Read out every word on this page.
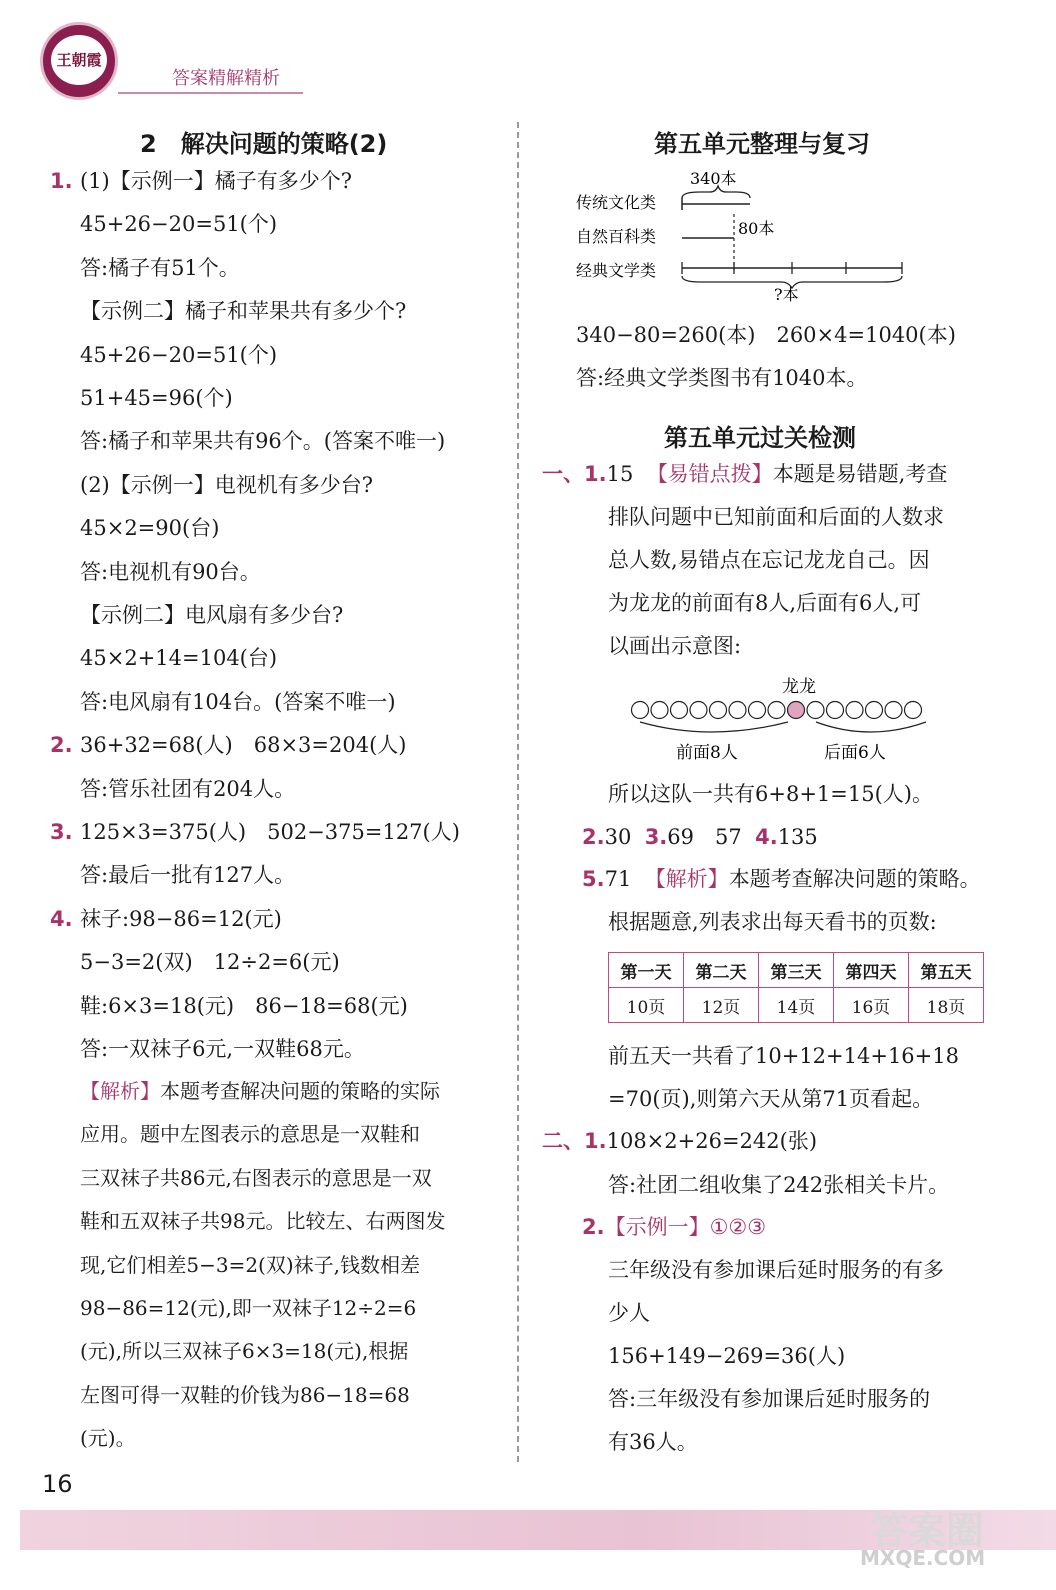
王朝霞
答案精解精析
2　解决问题的策略(2)
1. (1)【示例一】橘子有多少个?
45+26−20=51(个)
答:橘子有51个。
【示例二】橘子和苹果共有多少个?
45+26−20=51(个)
51+45=96(个)
答:橘子和苹果共有96个。(答案不唯一)
(2)【示例一】电视机有多少台?
45×2=90(台)
答:电视机有90台。
【示例二】电风扇有多少台?
45×2+14=104(台)
答:电风扇有104台。(答案不唯一)
2. 36+32=68(人)　68×3=204(人)
答:管乐社团有204人。
3. 125×3=375(人)　502−375=127(人)
答:最后一批有127人。
4. 袜子:98−86=12(元)
5−3=2(双)　12÷2=6(元)
鞋:6×3=18(元)　86−18=68(元)
答:一双袜子6元,一双鞋68元。
【解析】本题考查解决问题的策略的实际
应用。题中左图表示的意思是一双鞋和
三双袜子共86元,右图表示的意思是一双
鞋和五双袜子共98元。比较左、右两图发
现,它们相差5−3=2(双)袜子,钱数相差
98−86=12(元),即一双袜子12÷2=6
(元),所以三双袜子6×3=18(元),根据
左图可得一双鞋的价钱为86−18=68
(元)。
第五单元整理与复习
传统文化类
自然百科类
经典文学类
340本
80本
?本
340−80=260(本)　260×4=1040(本)
答:经典文学类图书有1040本。
第五单元过关检测
一、1.15 【易错点拨】本题是易错题,考查
排队问题中已知前面和后面的人数求
总人数,易错点在忘记龙龙自己。因
为龙龙的前面有8人,后面有6人,可
以画出示意图:
龙龙
前面8人	后面6人
所以这队一共有6+8+1=15(人)。
2.30 3.69　57 4.135
5.71 【解析】本题考查解决问题的策略。
根据题意,列表求出每天看书的页数:
第一天	第二天	第三天	第四天	第五天
10页	12页	14页	16页	18页
前五天一共看了10+12+14+16+18
=70(页),则第六天从第71页看起。
二、1.108×2+26=242(张)
答:社团二组收集了242张相关卡片。
2.【示例一】①②③
三年级没有参加课后延时服务的有多
少人
156+149−269=36(人)
答:三年级没有参加课后延时服务的
有36人。
16
答案圈
MXQE.COM
